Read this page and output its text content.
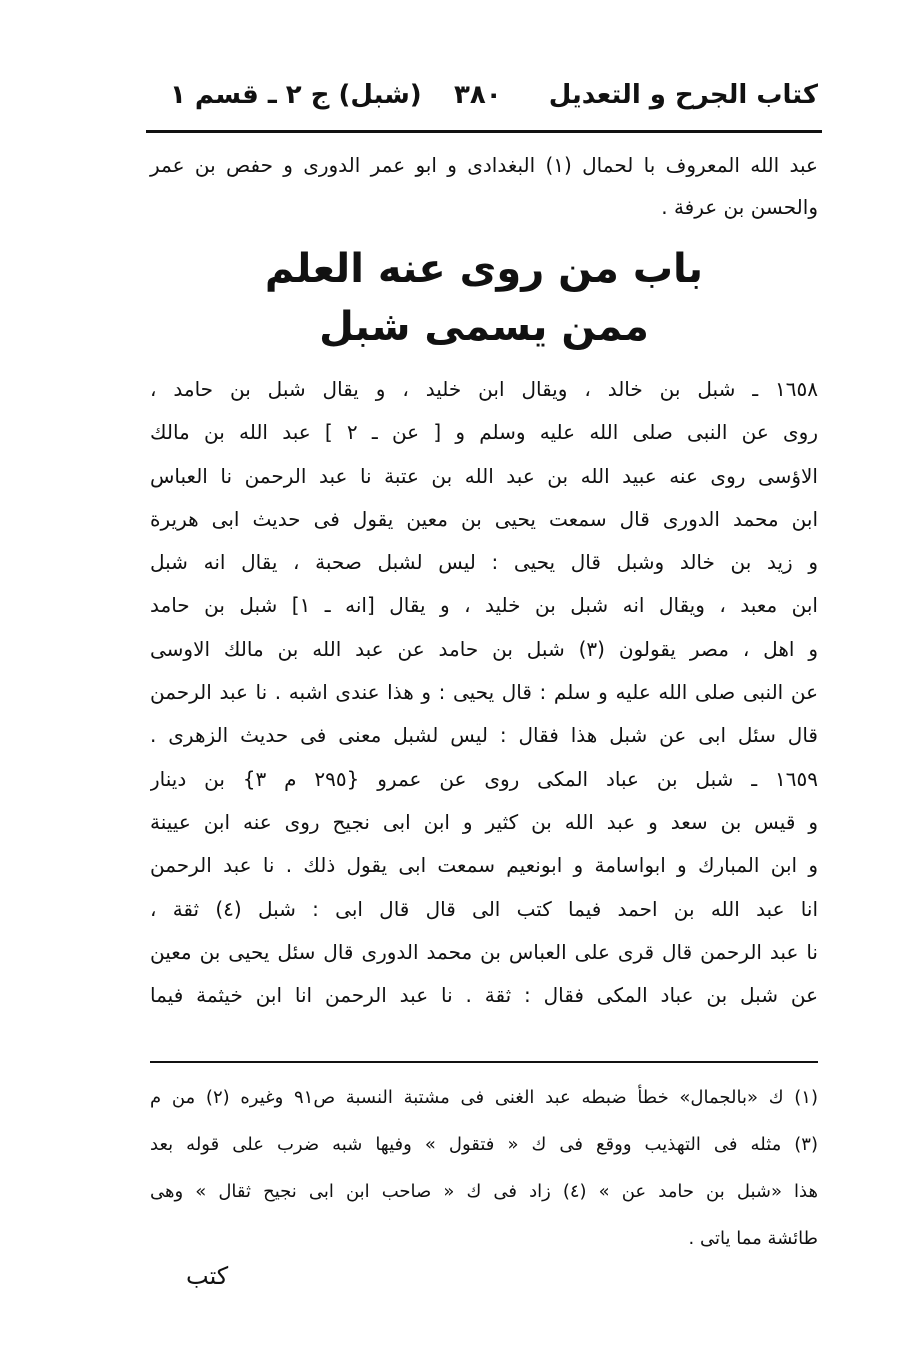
كتاب الجرح و التعديل
٣٨٠
(شبل) ج ٢ ـ قسم ١
عبد الله المعروف با لحمال (١) البغدادى و ابو عمر الدورى و حفص بن عمر والحسن بن عرفة .
باب من روى عنه العلم
ممن يسمى شبل
١٦٥٨ ـ شبل بن خالد ، ويقال ابن خليد ، و يقال شبل بن حامد ،
روى عن النبى صلى الله عليه وسلم و [ عن ـ ٢ ] عبد الله بن مالك
الاؤسى روى عنه عبيد الله بن عبد الله بن عتبة نا عبد الرحمن نا العباس
ابن محمد الدورى قال سمعت يحيى بن معين يقول فى حديث ابى هريرة
و زيد بن خالد وشبل قال يحيى : ليس لشبل صحبة ، يقال انه شبل
ابن معبد ، ويقال انه شبل بن خليد ، و يقال [انه ـ ١] شبل بن حامد
و اهل ، مصر يقولون (٣) شبل بن حامد عن عبد الله بن مالك الاوسى
عن النبى صلى الله عليه و سلم : قال يحيى : و هذا عندى اشبه . نا عبد الرحمن
قال سئل ابى عن شبل هذا فقال : ليس لشبل معنى فى حديث الزهرى .
١٦٥٩ ـ شبل بن عباد المكى روى عن عمرو {٢٩٥ م ٣} بن دينار
و قيس بن سعد و عبد الله بن كثير و ابن ابى نجيح روى عنه ابن عيينة
و ابن المبارك و ابواسامة و ابونعيم سمعت ابى يقول ذلك . نا عبد الرحمن
انا عبد الله بن احمد فيما كتب الى قال قال ابى : شبل (٤) ثقة ،
نا عبد الرحمن قال قرى على العباس بن محمد الدورى قال سئل يحيى بن معين
عن شبل بن عباد المكى فقال : ثقة . نا عبد الرحمن انا ابن خيثمة فيما
(١) ك «بالجمال» خطأ ضبطه عبد الغنى فى مشتبة النسبة ص٩١ وغيره (٢) من م
(٣) مثله فى التهذيب ووقع فى ك « فتقول » وفيها شبه ضرب على قوله بعد
هذا «شبل بن حامد عن » (٤) زاد فى ك « صاحب ابن ابى نجيح ثقال » وهى
طائشة مما ياتى .
كتب
